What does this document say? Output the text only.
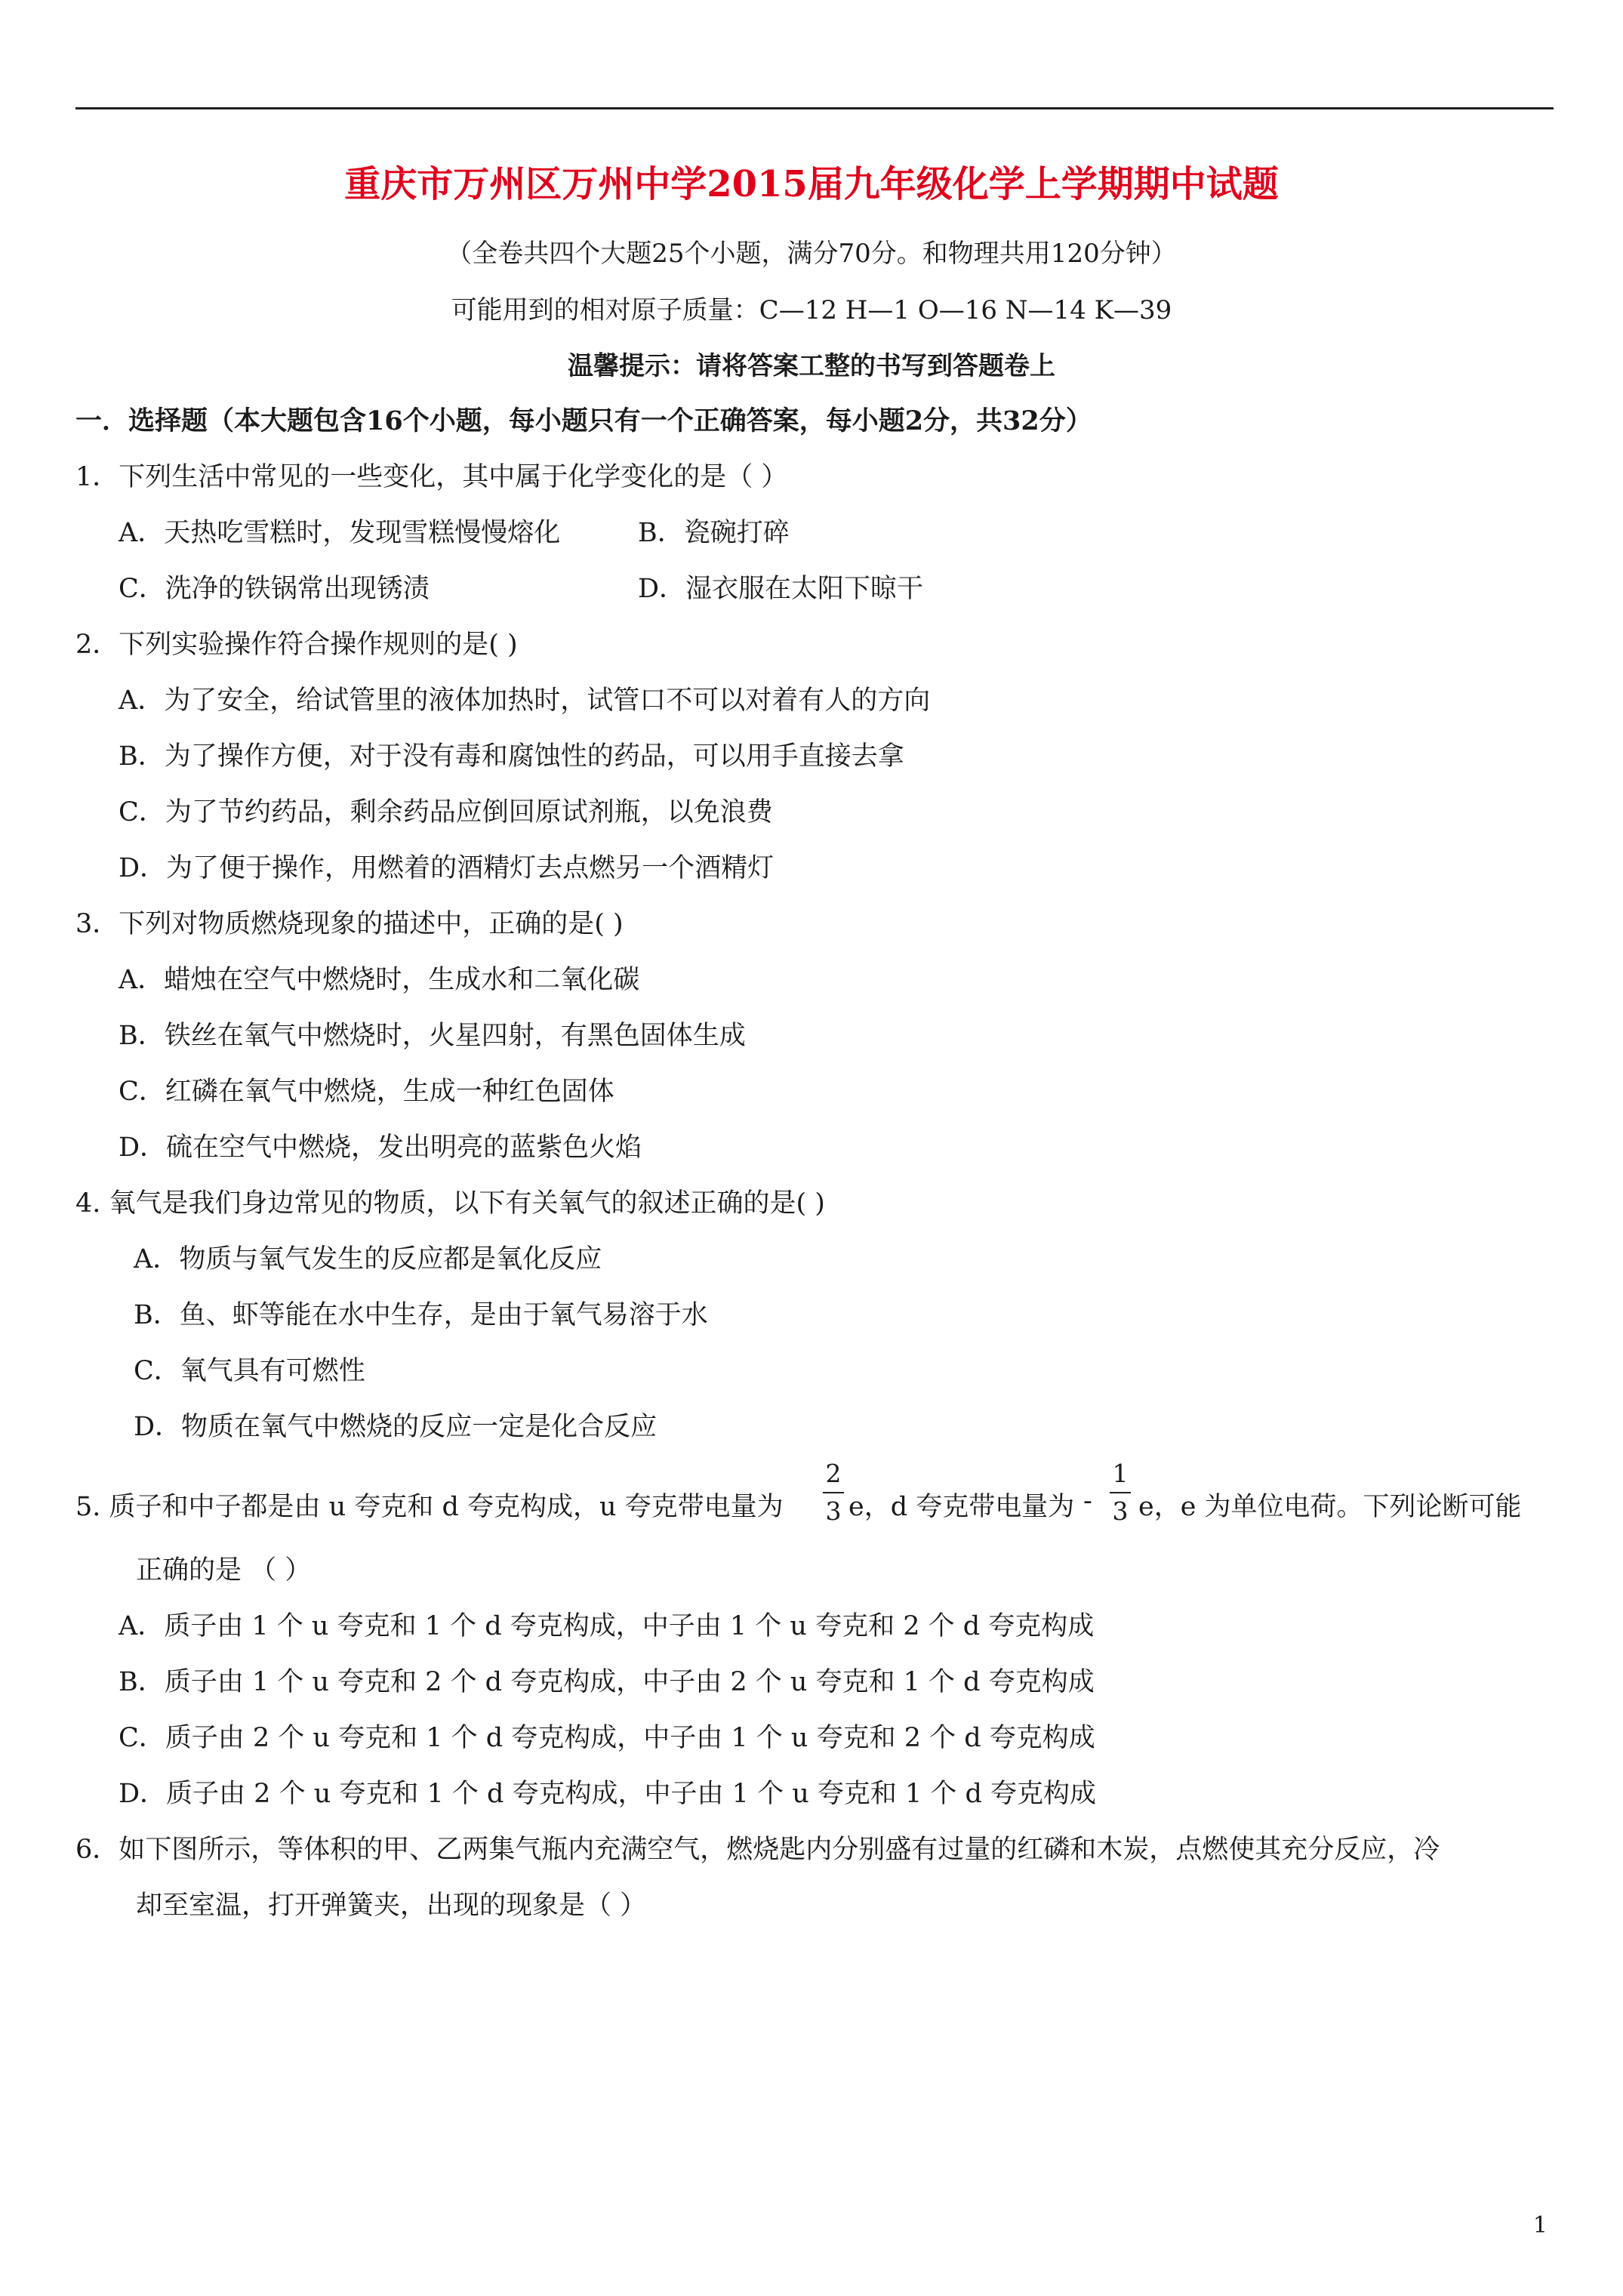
重庆市万州区万州中学2015届九年级化学上学期期中试题
（全卷共四个大题25个小题，满分70分。和物理共用120分钟）
可能用到的相对原子质量：C—12 H—1 O—16 N—14 K—39
温馨提示：请将答案工整的书写到答题卷上
一．选择题（本大题包含16个小题，每小题只有一个正确答案，每小题2分，共32分）
1．下列生活中常见的一些变化，其中属于化学变化的是（ ）
A．天热吃雪糕时，发现雪糕慢慢熔化	B．瓷碗打碎
C．洗净的铁锅常出现锈渍	D．湿衣服在太阳下晾干
2．下列实验操作符合操作规则的是( )
A．为了安全，给试管里的液体加热时，试管口不可以对着有人的方向
B．为了操作方便，对于没有毒和腐蚀性的药品，可以用手直接去拿
C．为了节约药品，剩余药品应倒回原试剂瓶，以免浪费
D．为了便于操作，用燃着的酒精灯去点燃另一个酒精灯
3．下列对物质燃烧现象的描述中，正确的是( )
A．蜡烛在空气中燃烧时，生成水和二氧化碳
B．铁丝在氧气中燃烧时，火星四射，有黑色固体生成
C．红磷在氧气中燃烧，生成一种红色固体
D．硫在空气中燃烧，发出明亮的蓝紫色火焰
4. 氧气是我们身边常见的物质，以下有关氧气的叙述正确的是( )
A．物质与氧气发生的反应都是氧化反应
B．鱼、虾等能在水中生存，是由于氧气易溶于水
C．氧气具有可燃性
D．物质在氧气中燃烧的反应一定是化合反应
5. 质子和中子都是由 u 夸克和 d 夸克构成，u 夸克带电量为
2
3 e，d 夸克带电量为 -
1
3 e，e 为单位电荷。下列论断可能
正确的是 （ ）
A．质子由 1 个 u 夸克和 1 个 d 夸克构成，中子由 1 个 u 夸克和 2 个 d 夸克构成
B．质子由 1 个 u 夸克和 2 个 d 夸克构成，中子由 2 个 u 夸克和 1 个 d 夸克构成
C．质子由 2 个 u 夸克和 1 个 d 夸克构成，中子由 1 个 u 夸克和 2 个 d 夸克构成
D．质子由 2 个 u 夸克和 1 个 d 夸克构成，中子由 1 个 u 夸克和 1 个 d 夸克构成
6．如下图所示，等体积的甲、乙两集气瓶内充满空气，燃烧匙内分别盛有过量的红磷和木炭，点燃使其充分反应，冷
却至室温，打开弹簧夹，出现的现象是（ ）
1
